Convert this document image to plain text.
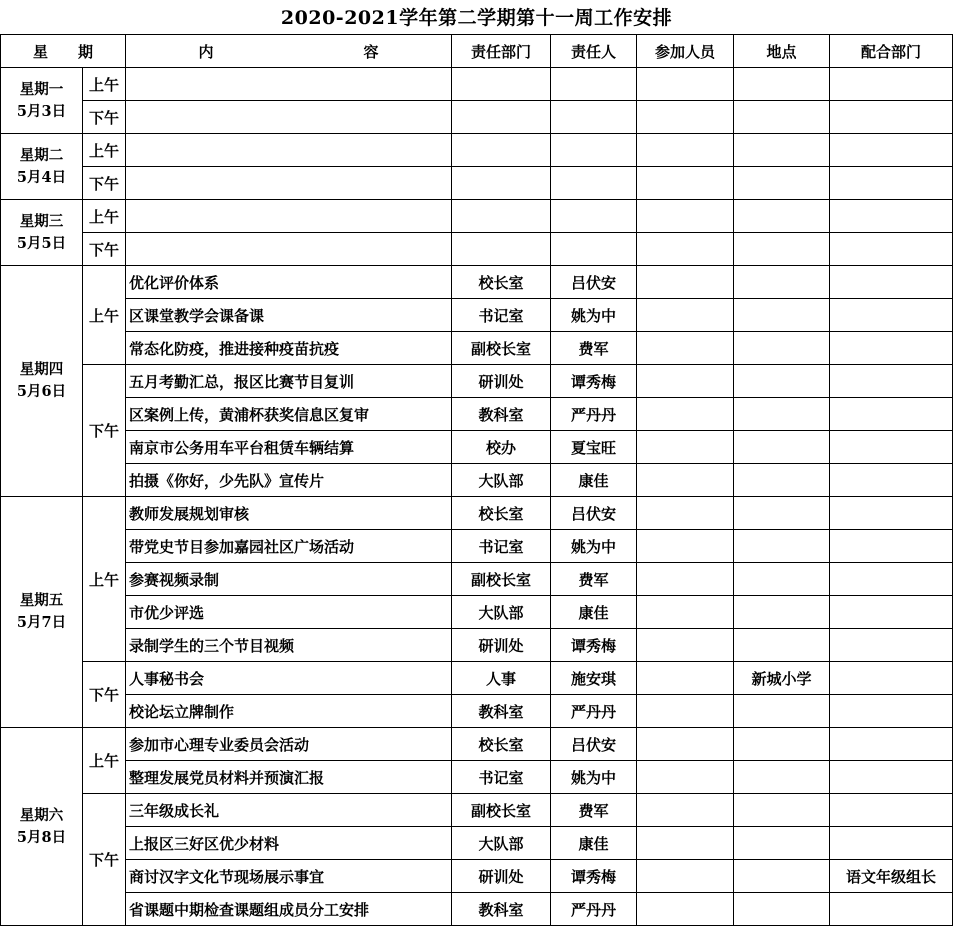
2020-2021学年第二学期第十一周工作安排
星　　期		内　　　　　　　　　　容	责任部门	责任人	参加人员	地点	配合部门

星期一
5月3日	上午						
	下午						

星期二
5月4日	上午						
	下午						

星期三
5月5日	上午						
	下午						

星期四
5月6日	上午	优化评价体系	校长室	吕伏安			
		区课堂教学会课备课	书记室	姚为中			
		常态化防疫，推进接种疫苗抗疫	副校长室	费军			
	下午	五月考勤汇总，报区比赛节目复训	研训处	谭秀梅			
		区案例上传，黄浦杯获奖信息区复审	教科室	严丹丹			
		南京市公务用车平台租赁车辆结算	校办	夏宝旺			
		拍摄《你好，少先队》宣传片	大队部	康佳			

星期五
5月7日	上午	教师发展规划审核	校长室	吕伏安			
		带党史节目参加嘉园社区广场活动	书记室	姚为中			
		参赛视频录制	副校长室	费军			
		市优少评选	大队部	康佳			
		录制学生的三个节目视频	研训处	谭秀梅			
	下午	人事秘书会	人事	施安琪		新城小学	
		校论坛立牌制作	教科室	严丹丹			

星期六
5月8日	上午	参加市心理专业委员会活动	校长室	吕伏安			
		整理发展党员材料并预演汇报	书记室	姚为中			
	下午	三年级成长礼	副校长室	费军			
		上报区三好区优少材料	大队部	康佳			
		商讨汉字文化节现场展示事宜	研训处	谭秀梅			语文年级组长
		省课题中期检查课题组成员分工安排	教科室	严丹丹			
